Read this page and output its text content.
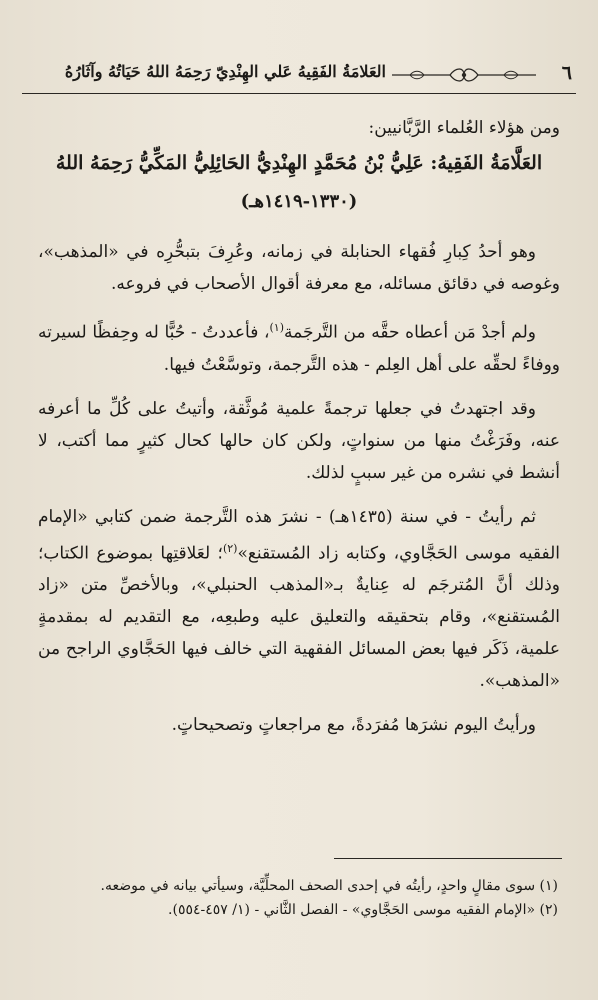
٦
العَلامَةُ الفَقِيهُ عَلي الهِنْدِيّ رَحِمَهُ اللهُ حَيَاتُهُ وآثَارُهُ

ومن هؤلاء العُلماء الرَّبَّانيين:

العَلَّامَةُ الفَقِيهُ: عَلِيُّ بْنُ مُحَمَّدٍ الهِنْدِيُّ الحَائِلِيُّ المَكِّيُّ رَحِمَهُ اللهُ

(١٣٣٠-١٤١٩هـ)

وهو أحدُ كِبارِ فُقهاء الحنابلة في زمانه، وعُرِفَ بتبحُّرِه في «المذهب»، وغوصه في دقائق مسائله، مع معرفة أقوال الأصحاب في فروعه.

ولم أجدْ مَن أعطاه حقَّه من التَّرجَمة$^{(١)}$، فأعددتُ - حُبًّا له وحِفظًا لسيرته ووفاءً لحقِّه على أهل العِلم - هذه التَّرجمة، وتوسَّعْتُ فيها.

وقد اجتهدتُ في جعلها ترجمةً علمية مُوثَّقة، وأتيتُ على كُلِّ ما أعرفه عنه، وفَرَغْتُ منها من سنواتٍ، ولكن كان حالها كحال كثيرٍ مما أكتب، لا أنشط في نشره من غير سببٍ لذلك.

ثم رأيتُ - في سنة (١٤٣٥هـ) - نشرَ هذه التَّرجمة ضمن كتابي «الإمام الفقيه موسى الحَجَّاوي، وكتابه زاد المُستقنع»$^{(٢)}$؛ لعَلاقتِها بموضوع الكتاب؛ وذلك أنَّ المُترجَم له عِنايةٌ بـ«المذهب الحنبلي»، وبالأخصِّ متن «زاد المُستقنع»، وقام بتحقيقه والتعليق عليه وطبعِه، مع التقديم له بمقدمةٍ علمية، ذَكَر فيها بعض المسائل الفقهية التي خالف فيها الحَجَّاوي الراجح من «المذهب».

ورأيتُ اليوم نشرَها مُفرَدةً، مع مراجعاتٍ وتصحيحاتٍ.

(١) سوى مقالٍ واحدٍ، رأيتُه في إحدى الصحف المحلِّيَّة، وسيأتي بيانه في موضعه.

(٢) «الإمام الفقيه موسى الحَجَّاوي» - الفصل الثَّاني - (١/ ٤٥٧-٥٥٤).
